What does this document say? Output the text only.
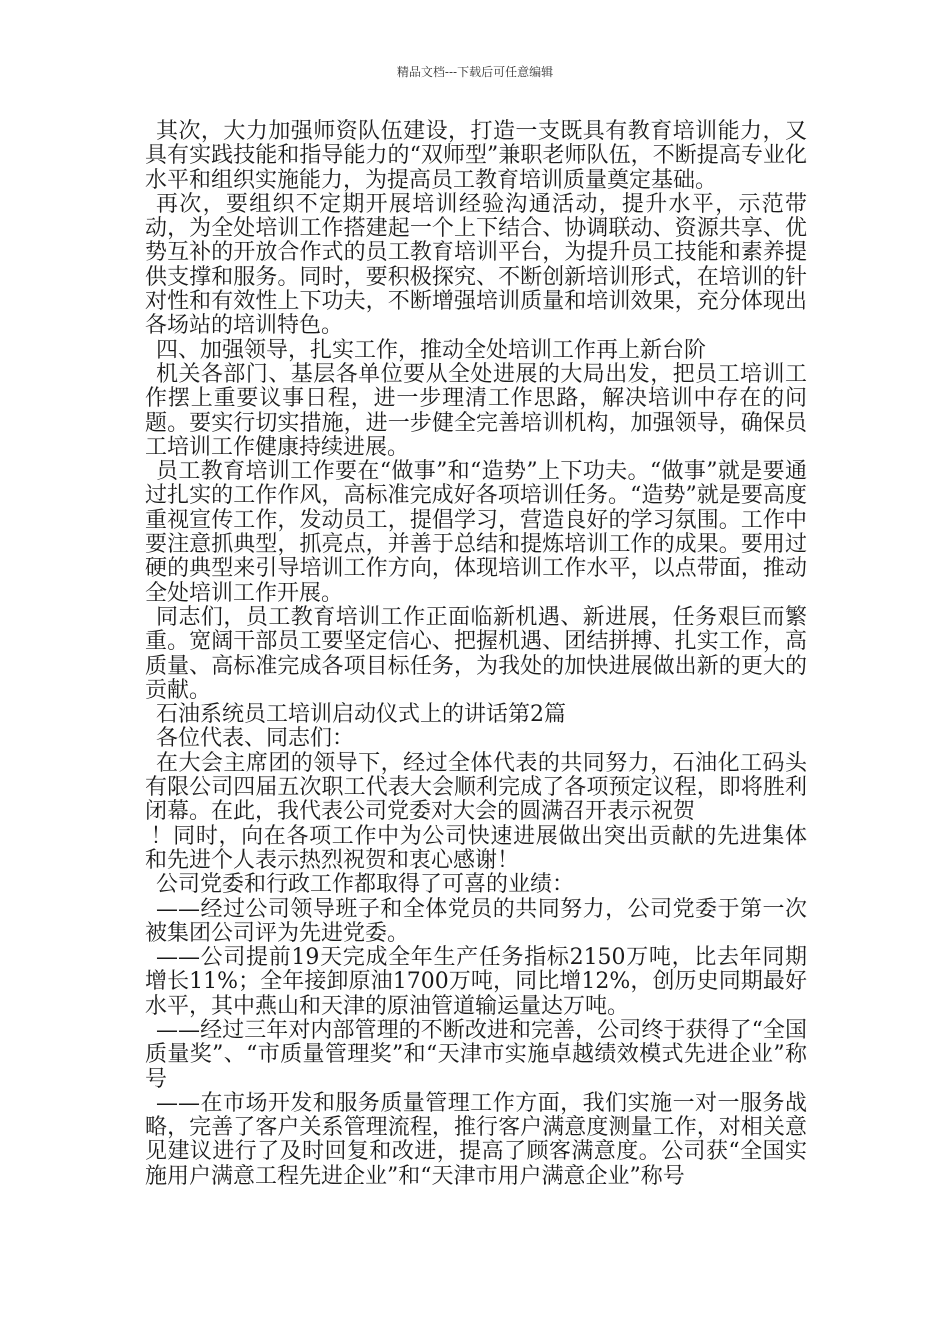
精品文档---下载后可任意编辑

其次，大力加强师资队伍建设，打造一支既具有教育培训能力，又具有实践技能和指导能力的“双师型”兼职老师队伍，不断提高专业化水平和组织实施能力，为提高员工教育培训质量奠定基础。

再次，要组织不定期开展培训经验沟通活动，提升水平，示范带动，为全处培训工作搭建起一个上下结合、协调联动、资源共享、优势互补的开放合作式的员工教育培训平台，为提升员工技能和素养提供支撑和服务。同时，要积极探究、不断创新培训形式，在培训的针对性和有效性上下功夫，不断增强培训质量和培训效果，充分体现出各场站的培训特色。

四、加强领导，扎实工作，推动全处培训工作再上新台阶

机关各部门、基层各单位要从全处进展的大局出发，把员工培训工作摆上重要议事日程，进一步理清工作思路，解决培训中存在的问题。要实行切实措施，进一步健全完善培训机构，加强领导，确保员工培训工作健康持续进展。

员工教育培训工作要在“做事”和“造势”上下功夫。“做事”就是要通过扎实的工作作风，高标准完成好各项培训任务。“造势”就是要高度重视宣传工作，发动员工，提倡学习，营造良好的学习氛围。工作中要注意抓典型，抓亮点，并善于总结和提炼培训工作的成果。要用过硬的典型来引导培训工作方向，体现培训工作水平，以点带面，推动全处培训工作开展。

同志们，员工教育培训工作正面临新机遇、新进展，任务艰巨而繁重。宽阔干部员工要坚定信心、把握机遇、团结拼搏、扎实工作，高质量、高标准完成各项目标任务，为我处的加快进展做出新的更大的贡献。

石油系统员工培训启动仪式上的讲话第2篇

各位代表、同志们：

在大会主席团的领导下，经过全体代表的共同努力，石油化工码头有限公司四届五次职工代表大会顺利完成了各项预定议程，即将胜利闭幕。在此，我代表公司党委对大会的圆满召开表示祝贺

！同时，向在各项工作中为公司快速进展做出突出贡献的先进集体和先进个人表示热烈祝贺和衷心感谢！

公司党委和行政工作都取得了可喜的业绩：

——经过公司领导班子和全体党员的共同努力，公司党委于第一次被集团公司评为先进党委。

——公司提前19天完成全年生产任务指标2150万吨，比去年同期增长11%；全年接卸原油1700万吨，同比增12%，创历史同期最好水平，其中燕山和天津的原油管道输运量达万吨。

——经过三年对内部管理的不断改进和完善，公司终于获得了“全国质量奖”、“市质量管理奖”和“天津市实施卓越绩效模式先进企业”称号

——在市场开发和服务质量管理工作方面，我们实施一对一服务战略，完善了客户关系管理流程，推行客户满意度测量工作，对相关意见建议进行了及时回复和改进，提高了顾客满意度。公司获“全国实施用户满意工程先进企业”和“天津市用户满意企业”称号
